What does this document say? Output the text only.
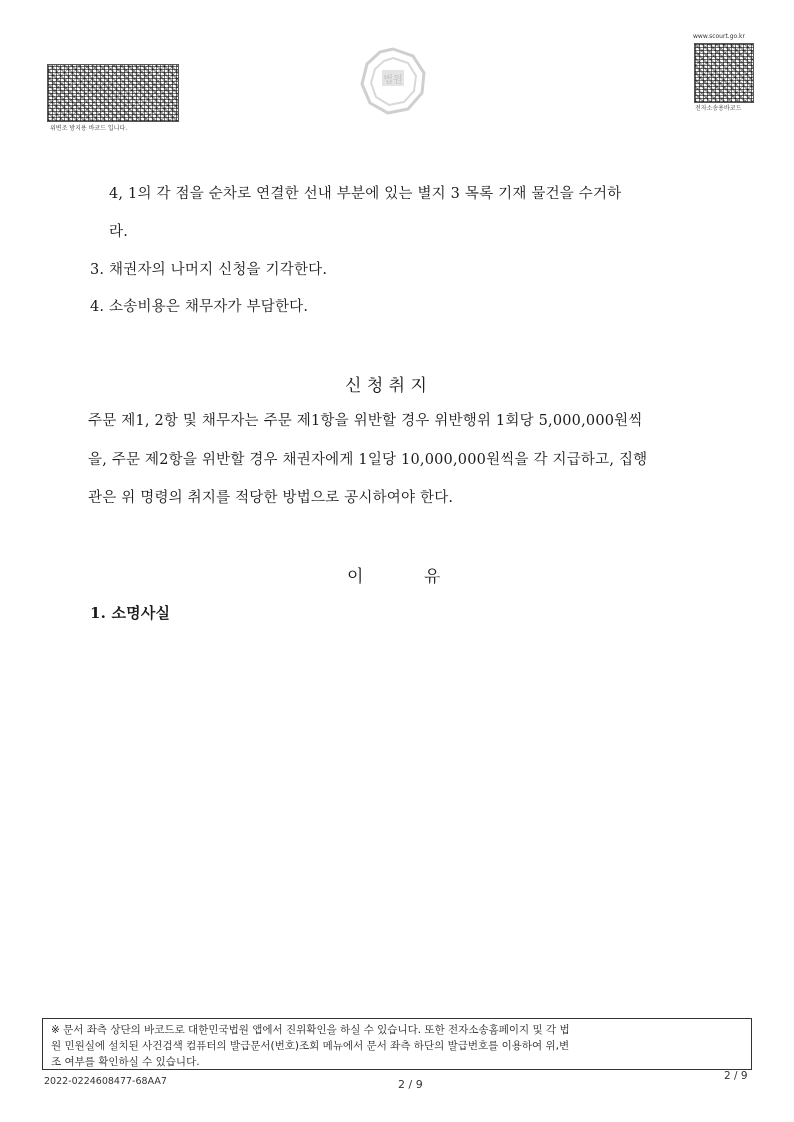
위변조 방지용 바코드 입니다.
법원
www.scourt.go.kr
전자소송용바코드
4, 1의 각 점을 순차로 연결한 선내 부분에 있는 별지 3 목록 기재 물건을 수거하
라.
3. 채권자의 나머지 신청을 기각한다.
4. 소송비용은 채무자가 부담한다.
신 청 취 지
주문 제1, 2항 및 채무자는 주문 제1항을 위반할 경우 위반행위 1회당 5,000,000원씩
을, 주문 제2항을 위반할 경우 채권자에게 1일당 10,000,000원씩을 각 지급하고, 집행
관은 위 명령의 취지를 적당한 방법으로 공시하여야 한다.
이	유
1. 소명사실
※ 문서 좌측 상단의 바코드로 대한민국법원 앱에서 진위확인을 하실 수 있습니다. 또한 전자소송홈페이지 및 각 법
원 민원실에 설치된 사건검색 컴퓨터의 발급문서(번호)조회 메뉴에서 문서 좌측 하단의 발급번호를 이용하여 위,변
조 여부를 확인하실 수 있습니다.
2022-0224608477-68AA7	2 / 9
2 / 9
